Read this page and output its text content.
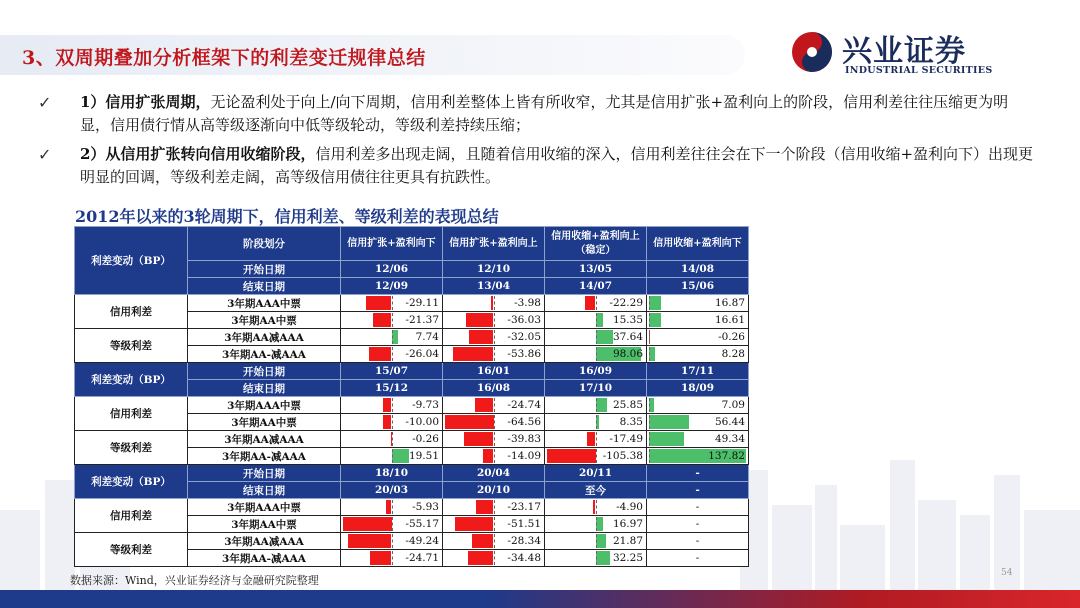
3、双周期叠加分析框架下的利差变迁规律总结	兴业证券
INDUSTRIAL SECURITIES
✓ 1）信用扩张周期，无论盈利处于向上/向下周期，信用利差整体上皆有所收窄，尤其是信用扩张+盈利向上的阶段，信用利差往往压缩更为明显，信用债行情从高等级逐渐向中低等级轮动，等级利差持续压缩；
✓ 2）从信用扩张转向信用收缩阶段，信用利差多出现走阔，且随着信用收缩的深入，信用利差往往会在下一个阶段（信用收缩+盈利向下）出现更明显的回调，等级利差走阔，高等级信用债往往更具有抗跌性。
2012年以来的3轮周期下，信用利差、等级利差的表现总结
利差变动（BP）	阶段划分	信用扩张+盈利向下	信用扩张+盈利向上	信用收缩+盈利向上（稳定）	信用收缩+盈利向下
	开始日期	12/06	12/10	13/05	14/08
	结束日期	12/09	13/04	14/07	15/06
信用利差	3年期AAA中票	-29.11	-3.98	-22.29	16.87

	3年期AA中票	-21.37	-36.03	15.35	16.61

等级利差	3年期AA减AAA	7.74	-32.05	37.64	-0.26

	3年期AA-减AAA	-26.04	-53.86	98.06	8.28

利差变动（BP）	开始日期	15/07	16/01	16/09	17/11
	结束日期	15/12	16/08	17/10	18/09
信用利差	3年期AAA中票	-9.73	-24.74	25.85	7.09

	3年期AA中票	-10.00	-64.56	8.35	56.44

等级利差	3年期AA减AAA	-0.26	-39.83	-17.49	49.34

	3年期AA-减AAA	19.51	-14.09	-105.38	137.82

利差变动（BP）	开始日期	18/10	20/04	20/11	-
	结束日期	20/03	20/10	至今	-
信用利差	3年期AAA中票	-5.93	-23.17	-4.90	-

	3年期AA中票	-55.17	-51.51	16.97	-

等级利差	3年期AA减AAA	-49.24	-28.34	21.87	-

	3年期AA-减AAA	-24.71	-34.48	32.25	-
数据来源：Wind，兴业证券经济与金融研究院整理
54
